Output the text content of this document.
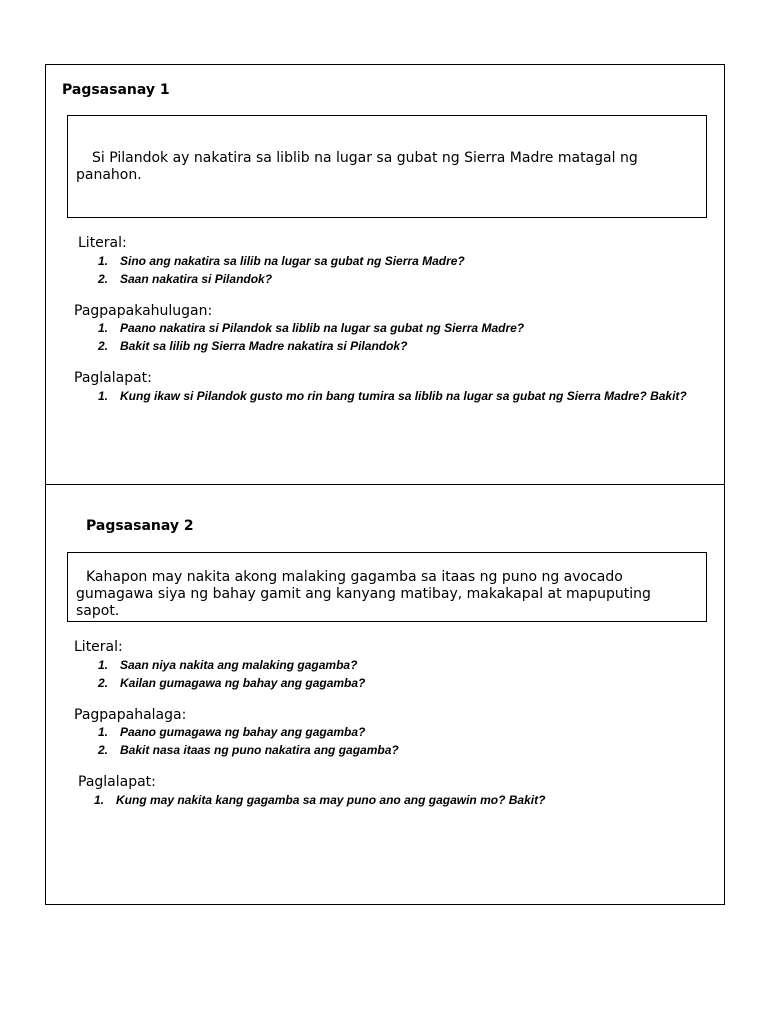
Pagsasanay 1
Si Pilandok ay nakatira sa liblib na lugar sa gubat ng Sierra Madre matagal ng panahon.
Literal:
1. Sino ang nakatira sa lilib na lugar sa gubat ng Sierra Madre?
2. Saan nakatira si Pilandok?
Pagpapakahulugan:
1. Paano nakatira si Pilandok sa liblib na lugar sa gubat ng Sierra Madre?
2. Bakit sa lilib ng Sierra Madre nakatira si Pilandok?
Paglalapat:
1. Kung ikaw si Pilandok gusto mo rin bang tumira sa liblib na lugar sa gubat ng Sierra Madre? Bakit?
Pagsasanay 2
Kahapon may nakita akong malaking gagamba sa itaas ng puno ng avocado gumagawa siya ng bahay gamit ang kanyang matibay, makakapal at mapuputing sapot.
Literal:
1. Saan niya nakita ang malaking gagamba?
2. Kailan gumagawa ng bahay ang gagamba?
Pagpapahalaga:
1. Paano gumagawa ng bahay ang gagamba?
2. Bakit nasa itaas ng puno nakatira ang gagamba?
Paglalapat:
1. Kung may nakita kang gagamba sa may puno ano ang gagawin mo? Bakit?
